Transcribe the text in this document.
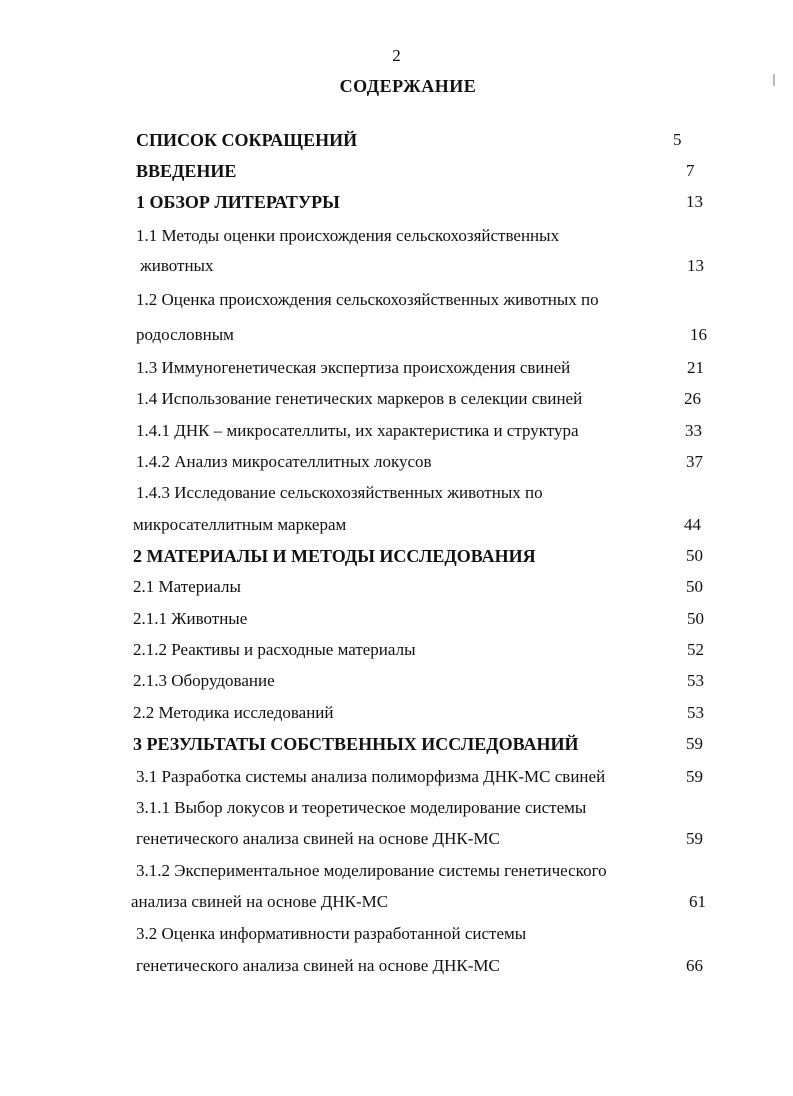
2
СОДЕРЖАНИЕ
СПИСОК СОКРАЩЕНИЙ	5
ВВЕДЕНИЕ	7
1 ОБЗОР ЛИТЕРАТУРЫ	13
1.1 Методы оценки происхождения сельскохозяйственных
животных	13
1.2 Оценка происхождения сельскохозяйственных животных по
родословным	16
1.3 Иммуногенетическая экспертиза происхождения свиней	21
1.4 Использование генетических маркеров в селекции свиней	26
1.4.1 ДНК – микросателлиты, их характеристика и структура	33
1.4.2 Анализ микросателлитных локусов	37
1.4.3 Исследование сельскохозяйственных животных по
микросателлитным маркерам	44
2 МАТЕРИАЛЫ И МЕТОДЫ ИССЛЕДОВАНИЯ	50
2.1 Материалы	50
2.1.1 Животные	50
2.1.2 Реактивы и расходные материалы	52
2.1.3 Оборудование	53
2.2 Методика исследований	53
3 РЕЗУЛЬТАТЫ СОБСТВЕННЫХ ИССЛЕДОВАНИЙ	59
3.1 Разработка системы анализа полиморфизма ДНК-МС свиней	59
3.1.1 Выбор локусов и теоретическое моделирование системы
генетического анализа свиней на основе ДНК-МС	59
3.1.2 Экспериментальное моделирование системы генетического
анализа свиней на основе ДНК-МС	61
3.2 Оценка информативности разработанной системы
генетического анализа свиней на основе ДНК-МС	66
